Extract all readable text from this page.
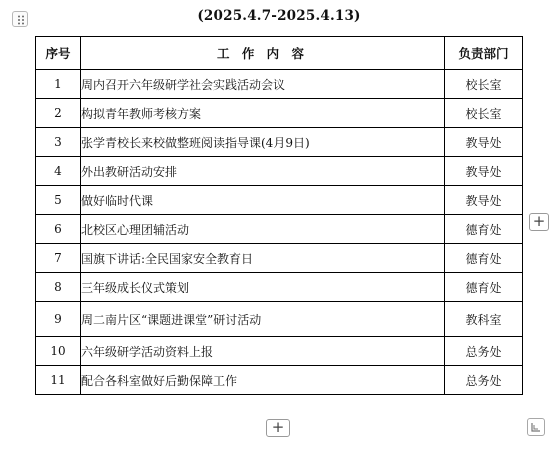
(2025.4.7-2025.4.13)
序号	工 作 内 容	负责部门
1	周内召开六年级研学社会实践活动会议	校长室
2	构拟青年教师考核方案	校长室
3	张学青校长来校做整班阅读指导课(4月9日)	教导处
4	外出教研活动安排	教导处
5	做好临时代课	教导处
6	北校区心理团辅活动	德育处
7	国旗下讲话:全民国家安全教育日	德育处
8	三年级成长仪式策划	德育处
9	周二南片区“课题进课堂”研讨活动	教科室
10	六年级研学活动资料上报	总务处
11	配合各科室做好后勤保障工作	总务处
+
+
